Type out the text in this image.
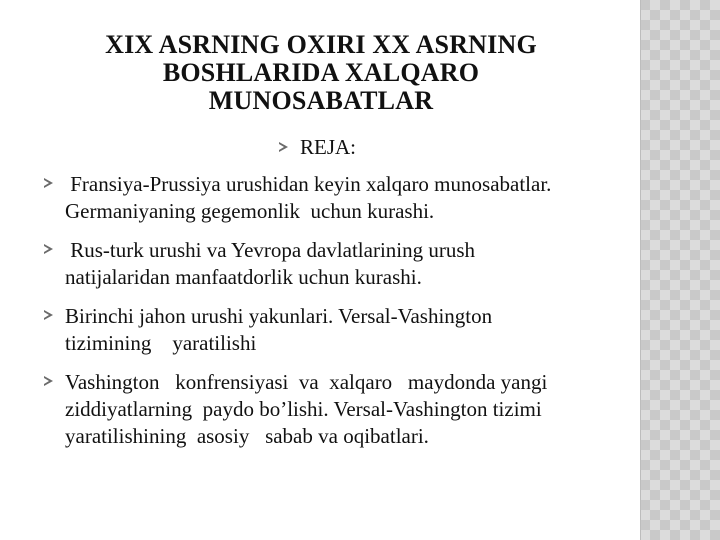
XIX ASRNING OXIRI XX ASRNING BOSHLARIDA XALQARO MUNOSABATLAR
REJA:
Fransiya-Prussiya urushidan keyin xalqaro munosabatlar. Germaniyaning gegemonlik  uchun kurashi.
Rus-turk urushi va Yevropa davlatlarining urush natijalaridan manfaatdorlik uchun kurashi.
Birinchi jahon urushi yakunlari. Versal-Vashington tizimining    yaratilishi
Vashington   konfrensiyasi  va  xalqaro   maydonda yangi   ziddiyatlarning  paydo bo’lishi. Versal-Vashington tizimi   yaratilishining  asosiy   sabab va oqibatlari.
